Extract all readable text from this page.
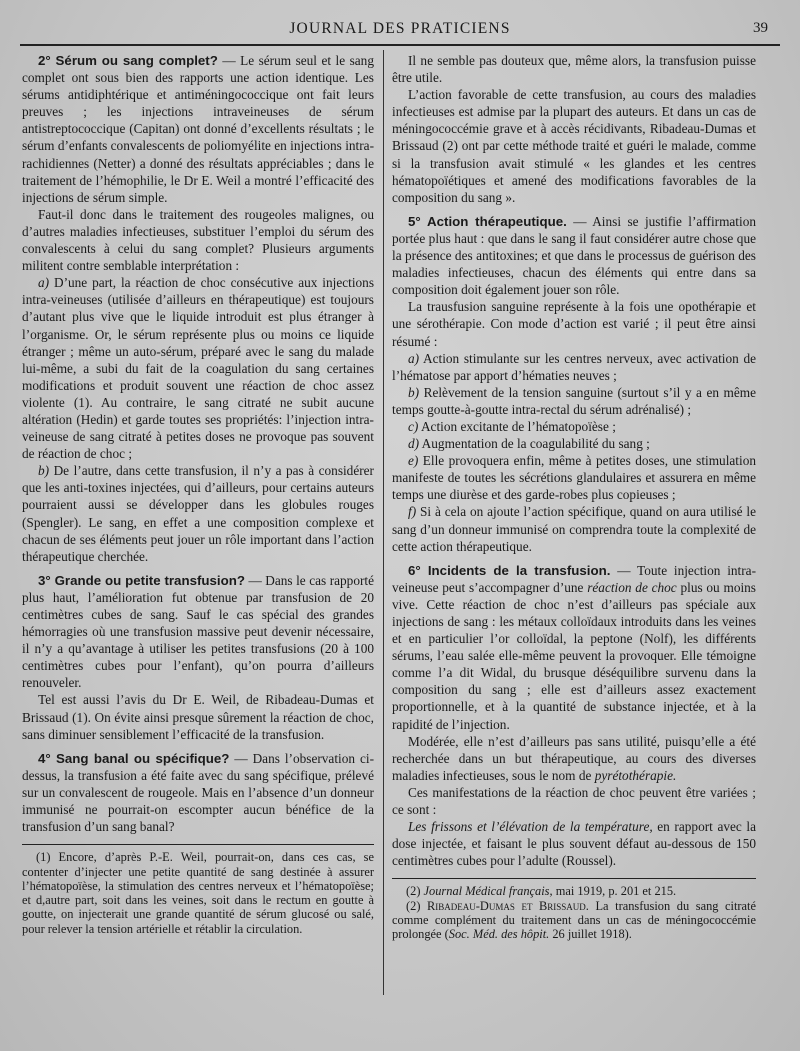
JOURNAL DES PRATICIENS	39

2° Sérum ou sang complet? — Le sérum seul et le sang complet ont sous bien des rapports une action identique. Les sérums antidiphtérique et antiméningococcique ont fait leurs preuves ; les injections intraveineuses de sérum antistreptococcique (Capitan) ont donné d’excellents résultats ; le sérum d’enfants convalescents de poliomyélite en injections intra-rachidiennes (Netter) a donné des résultats appréciables ; dans le traitement de l’hémophilie, le Dr E. Weil a montré l’efficacité des injections de sérum simple.

Faut-il donc dans le traitement des rougeoles malignes, ou d’autres maladies infectieuses, substituer l’emploi du sérum des convalescents à celui du sang complet? Plusieurs arguments militent contre semblable interprétation :

a) D’une part, la réaction de choc consécutive aux injections intra-veineuses (utilisée d’ailleurs en thérapeutique) est toujours d’autant plus vive que le liquide introduit est plus étranger à l’organisme. Or, le sérum représente plus ou moins ce liquide étranger ; même un auto-sérum, préparé avec le sang du malade lui-même, a subi du fait de la coagulation du sang certaines modifications et produit souvent une réaction de choc assez violente (1). Au contraire, le sang citraté ne subit aucune altération (Hedin) et garde toutes ses propriétés: l’injection intra-veineuse de sang citraté à petites doses ne provoque pas souvent de réaction de choc ;

b) De l’autre, dans cette transfusion, il n’y a pas à considérer que les anti-toxines injectées, qui d’ailleurs, pour certains auteurs pourraient aussi se développer dans les globules rouges (Spengler). Le sang, en effet a une composition complexe et chacun de ses éléments peut jouer un rôle important dans l’action thérapeutique cherchée.

3° Grande ou petite transfusion? — Dans le cas rapporté plus haut, l’amélioration fut obtenue par transfusion de 20 centimètres cubes de sang. Sauf le cas spécial des grandes hémorragies où une transfusion massive peut devenir nécessaire, il n’y a qu’avantage à utiliser les petites transfusions (20 à 100 centimètres cubes pour l’enfant), qu’on pourra d’ailleurs renouveler.

Tel est aussi l’avis du Dr E. Weil, de Ribadeau-Dumas et Brissaud (1). On évite ainsi presque sûrement la réaction de choc, sans diminuer sensiblement l’efficacité de la transfusion.

4° Sang banal ou spécifique? — Dans l’observation ci-dessus, la transfusion a été faite avec du sang spécifique, prélevé sur un convalescent de rougeole. Mais en l’absence d’un donneur immunisé ne pourrait-on escompter aucun bénéfice de la transfusion d’un sang banal?

(1) Encore, d’après P.-E. Weil, pourrait-on, dans ces cas, se contenter d’injecter une petite quantité de sang destinée à assurer l’hématopoïèse, la stimulation des centres nerveux et l’hématopoïèse; et d,autre part, soit dans les veines, soit dans le rectum en goutte à goutte, on injecterait une grande quantité de sérum glucosé ou salé, pour relever la tension artérielle et rétablir la circulation.

Il ne semble pas douteux que, même alors, la transfusion puisse être utile.

L’action favorable de cette transfusion, au cours des maladies infectieuses est admise par la plupart des auteurs. Et dans un cas de méningococcémie grave et à accès récidivants, Ribadeau-Dumas et Brissaud (2) ont par cette méthode traité et guéri le malade, comme si la transfusion avait stimulé « les glandes et les centres hématopoïétiques et amené des modifications favorables de la composition du sang ».

5° Action thérapeutique. — Ainsi se justifie l’affirmation portée plus haut : que dans le sang il faut considérer autre chose que la présence des antitoxines; et que dans le processus de guérison des maladies infectieuses, chacun des éléments qui entre dans sa composition doit également jouer son rôle.

La trausfusion sanguine représente à la fois une opothérapie et une sérothérapie. Con mode d’action est varié ; il peut être ainsi résumé :

a) Action stimulante sur les centres nerveux, avec activation de l’hématose par apport d’hématies neuves ;

b) Relèvement de la tension sanguine (surtout s’il y a en même temps goutte-à-goutte intra-rectal du sérum adrénalisé) ;

c) Action excitante de l’hématopoïèse ;

d) Augmentation de la coagulabilité du sang ;

e) Elle provoquera enfin, même à petites doses, une stimulation manifeste de toutes les sécrétions glandulaires et assurera en même temps une diurèse et des garde-robes plus copieuses ;

f) Si à cela on ajoute l’action spécifique, quand on aura utilisé le sang d’un donneur immunisé on comprendra toute la complexité de cette action thérapeutique.

6° Incidents de la transfusion. — Toute injection intra-veineuse peut s’accompagner d’une réaction de choc plus ou moins vive. Cette réaction de choc n’est d’ailleurs pas spéciale aux injections de sang : les métaux colloïdaux introduits dans les veines et en particulier l’or colloïdal, la peptone (Nolf), les différents sérums, l’eau salée elle-même peuvent la provoquer. Elle témoigne comme l’a dit Widal, du brusque déséquilibre survenu dans la composition du sang ; elle est d’ailleurs assez exactement proportionnelle, et à la quantité de substance injectée, et à la rapidité de l’injection.

Modérée, elle n’est d’ailleurs pas sans utilité, puisqu’elle a été recherchée dans un but thérapeutique, au cours des diverses maladies infectieuses, sous le nom de pyrétothérapie.

Ces manifestations de la réaction de choc peuvent être variées ; ce sont :

Les frissons et l’élévation de la température, en rapport avec la dose injectée, et faisant le plus souvent défaut au-dessous de 150 centimètres cubes pour l’adulte (Roussel).

(2) Journal Médical français, mai 1919, p. 201 et 215.

(2) Ribadeau-Dumas et Brissaud. La transfusion du sang citraté comme complément du traitement dans un cas de méningococcémie prolongée (Soc. Méd. des hôpit. 26 juillet 1918).
